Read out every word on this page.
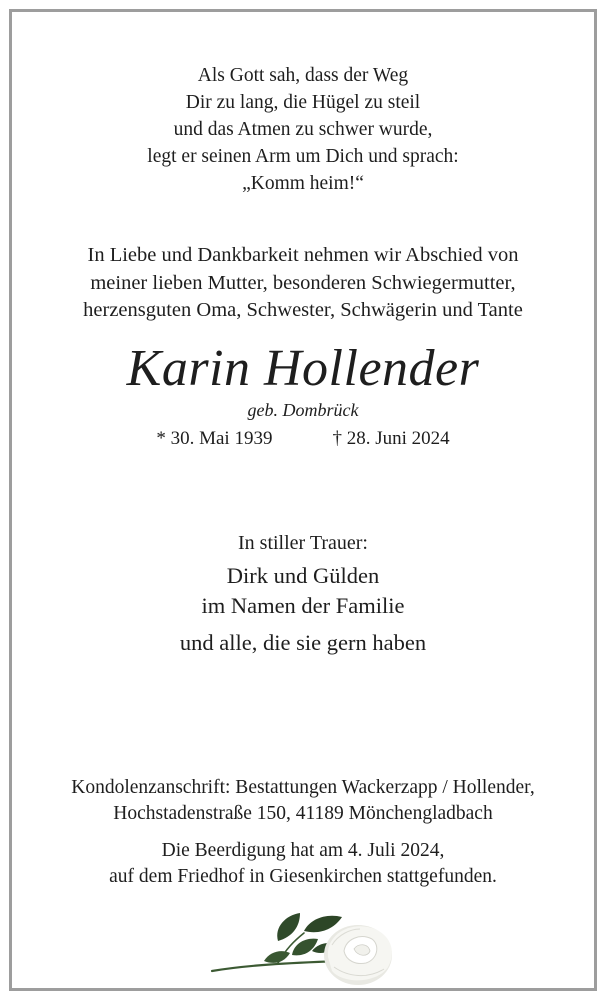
Als Gott sah, dass der Weg
Dir zu lang, die Hügel zu steil
und das Atmen zu schwer wurde,
legt er seinen Arm um Dich und sprach:
„Komm heim!“
In Liebe und Dankbarkeit nehmen wir Abschied von
meiner lieben Mutter, besonderen Schwiegermutter,
herzensguten Oma, Schwester, Schwägerin und Tante
Karin Hollender
geb. Dombrück
* 30. Mai 1939	† 28. Juni 2024
In stiller Trauer:
Dirk und Gülden
im Namen der Familie
und alle, die sie gern haben
Kondolenzanschrift: Bestattungen Wackerzapp / Hollender,
Hochstadenstraße 150, 41189 Mönchengladbach
Die Beerdigung hat am 4. Juli 2024,
auf dem Friedhof in Giesenkirchen stattgefunden.
